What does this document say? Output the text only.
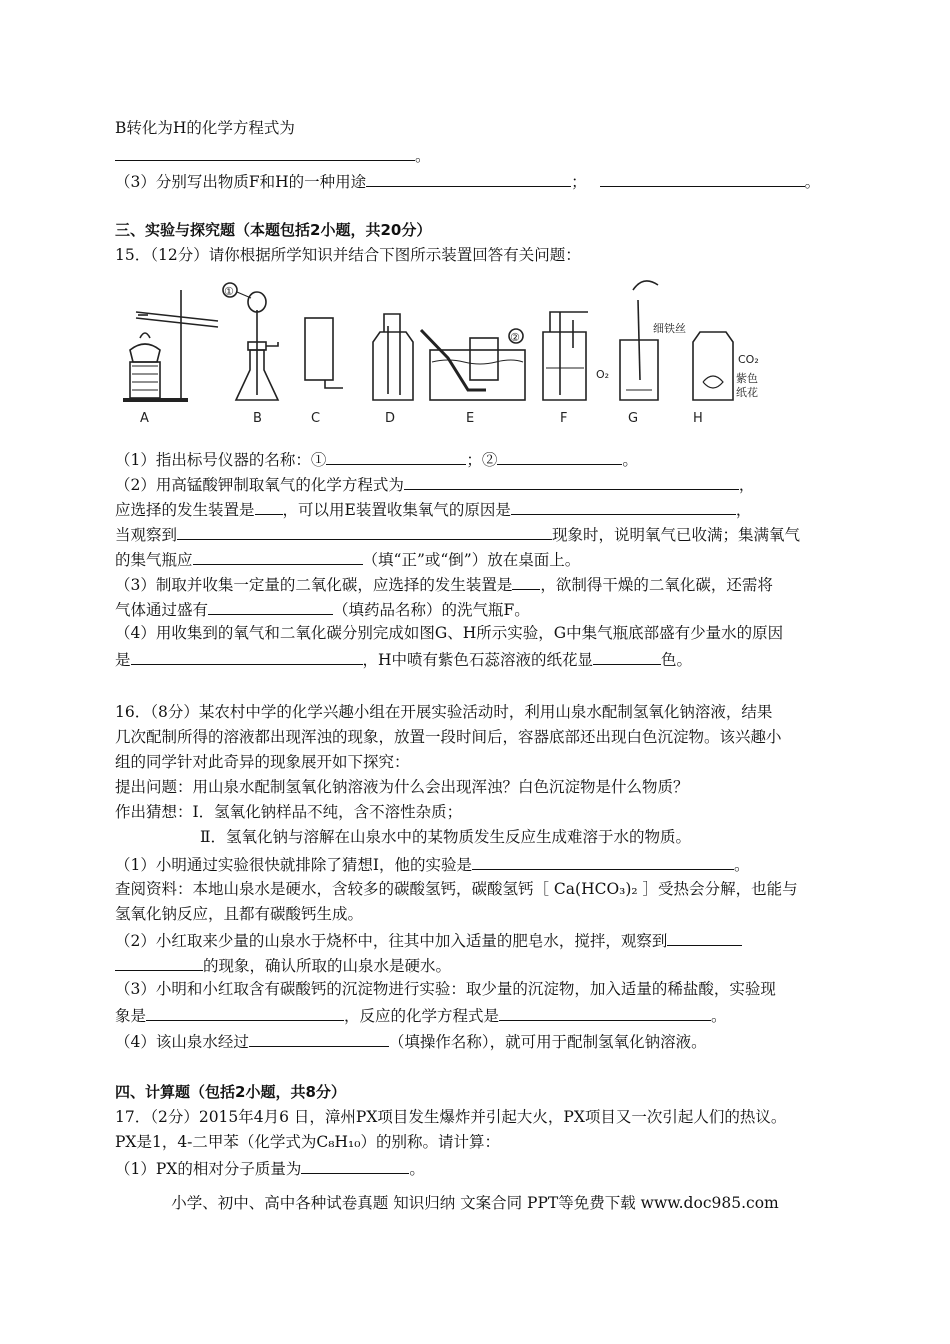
B转化为H的化学方程式为
。
（3）分别写出物质F和H的一种用途	；	。
三、实验与探究题（本题包括2小题，共20分）
15．（12分）请你根据所学知识并结合下图所示装置回答有关问题：
A	B	C	D	E	F	G	H
①
②
细铁丝
O₂
CO₂
紫色
纸花
（1）指出标号仪器的名称：①	；②	。
（2）用高锰酸钾制取氧气的化学方程式为	，
应选择的发生装置是 ，可以用E装置收集氧气的原因是	，
当观察到	现象时，说明氧气已收满；集满氧气
的集气瓶应	（填“正”或“倒”）放在桌面上。
（3）制取并收集一定量的二氧化碳，应选择的发生装置是 ，欲制得干燥的二氧化碳，还需将
气体通过盛有	（填药品名称）的洗气瓶F。
（4）用收集到的氧气和二氧化碳分别完成如图G、H所示实验，G中集气瓶底部盛有少量水的原因
是	，H中喷有紫色石蕊溶液的纸花显	色。
16．（8分）某农村中学的化学兴趣小组在开展实验活动时，利用山泉水配制氢氧化钠溶液，结果
几次配制所得的溶液都出现浑浊的现象，放置一段时间后，容器底部还出现白色沉淀物。该兴趣小
组的同学针对此奇异的现象展开如下探究：
提出问题：用山泉水配制氢氧化钠溶液为什么会出现浑浊？白色沉淀物是什么物质？
作出猜想：Ⅰ．氢氧化钠样品不纯，含不溶性杂质；
Ⅱ．氢氧化钠与溶解在山泉水中的某物质发生反应生成难溶于水的物质。
（1）小明通过实验很快就排除了猜想Ⅰ，他的实验是	。
查阅资料：本地山泉水是硬水，含较多的碳酸氢钙，碳酸氢钙［ Ca(HCO₃)₂ ］受热会分解，也能与
氢氧化钠反应，且都有碳酸钙生成。
（2）小红取来少量的山泉水于烧杯中，往其中加入适量的肥皂水，搅拌，观察到
的现象，确认所取的山泉水是硬水。
（3）小明和小红取含有碳酸钙的沉淀物进行实验：取少量的沉淀物，加入适量的稀盐酸，实验现
象是	，反应的化学方程式是	。
（4）该山泉水经过	（填操作名称），就可用于配制氢氧化钠溶液。
四、计算题（包括2小题，共8分）
17．（2分）2015年4月6 日，漳州PX项目发生爆炸并引起大火，PX项目又一次引起人们的热议。
PX是1，4-二甲苯（化学式为C₈H₁₀）的别称。请计算：
（1）PX的相对分子质量为	。
小学、初中、高中各种试卷真题 知识归纳 文案合同 PPT等免费下载 www.doc985.com
